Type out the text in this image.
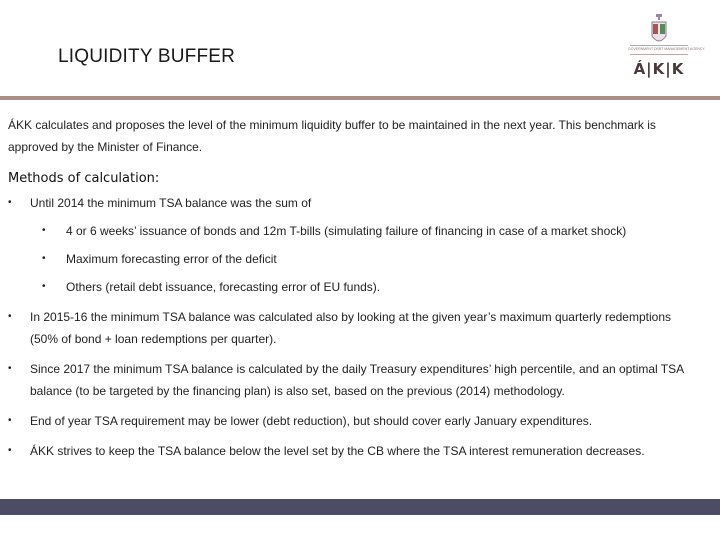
LIQUIDITY BUFFER	GOVERNMENT DEBT MANAGEMENT AGENCY
Á|K|K

ÁKK calculates and proposes the level of the minimum liquidity buffer to be maintained in the next year. This benchmark is approved by the Minister of Finance.

Methods of calculation:
• Until 2014 the minimum TSA balance was the sum of
• 4 or 6 weeks’ issuance of bonds and 12m T-bills (simulating failure of financing in case of a market shock)
• Maximum forecasting error of the deficit
• Others (retail debt issuance, forecasting error of EU funds).
• In 2015-16 the minimum TSA balance was calculated also by looking at the given year’s maximum quarterly redemptions (50% of bond + loan redemptions per quarter).
• Since 2017 the minimum TSA balance is calculated by the daily Treasury expenditures’ high percentile, and an optimal TSA balance (to be targeted by the financing plan) is also set, based on the previous (2014) methodology.
• End of year TSA requirement may be lower (debt reduction), but should cover early January expenditures.
• ÁKK strives to keep the TSA balance below the level set by the CB where the TSA interest remuneration decreases.
